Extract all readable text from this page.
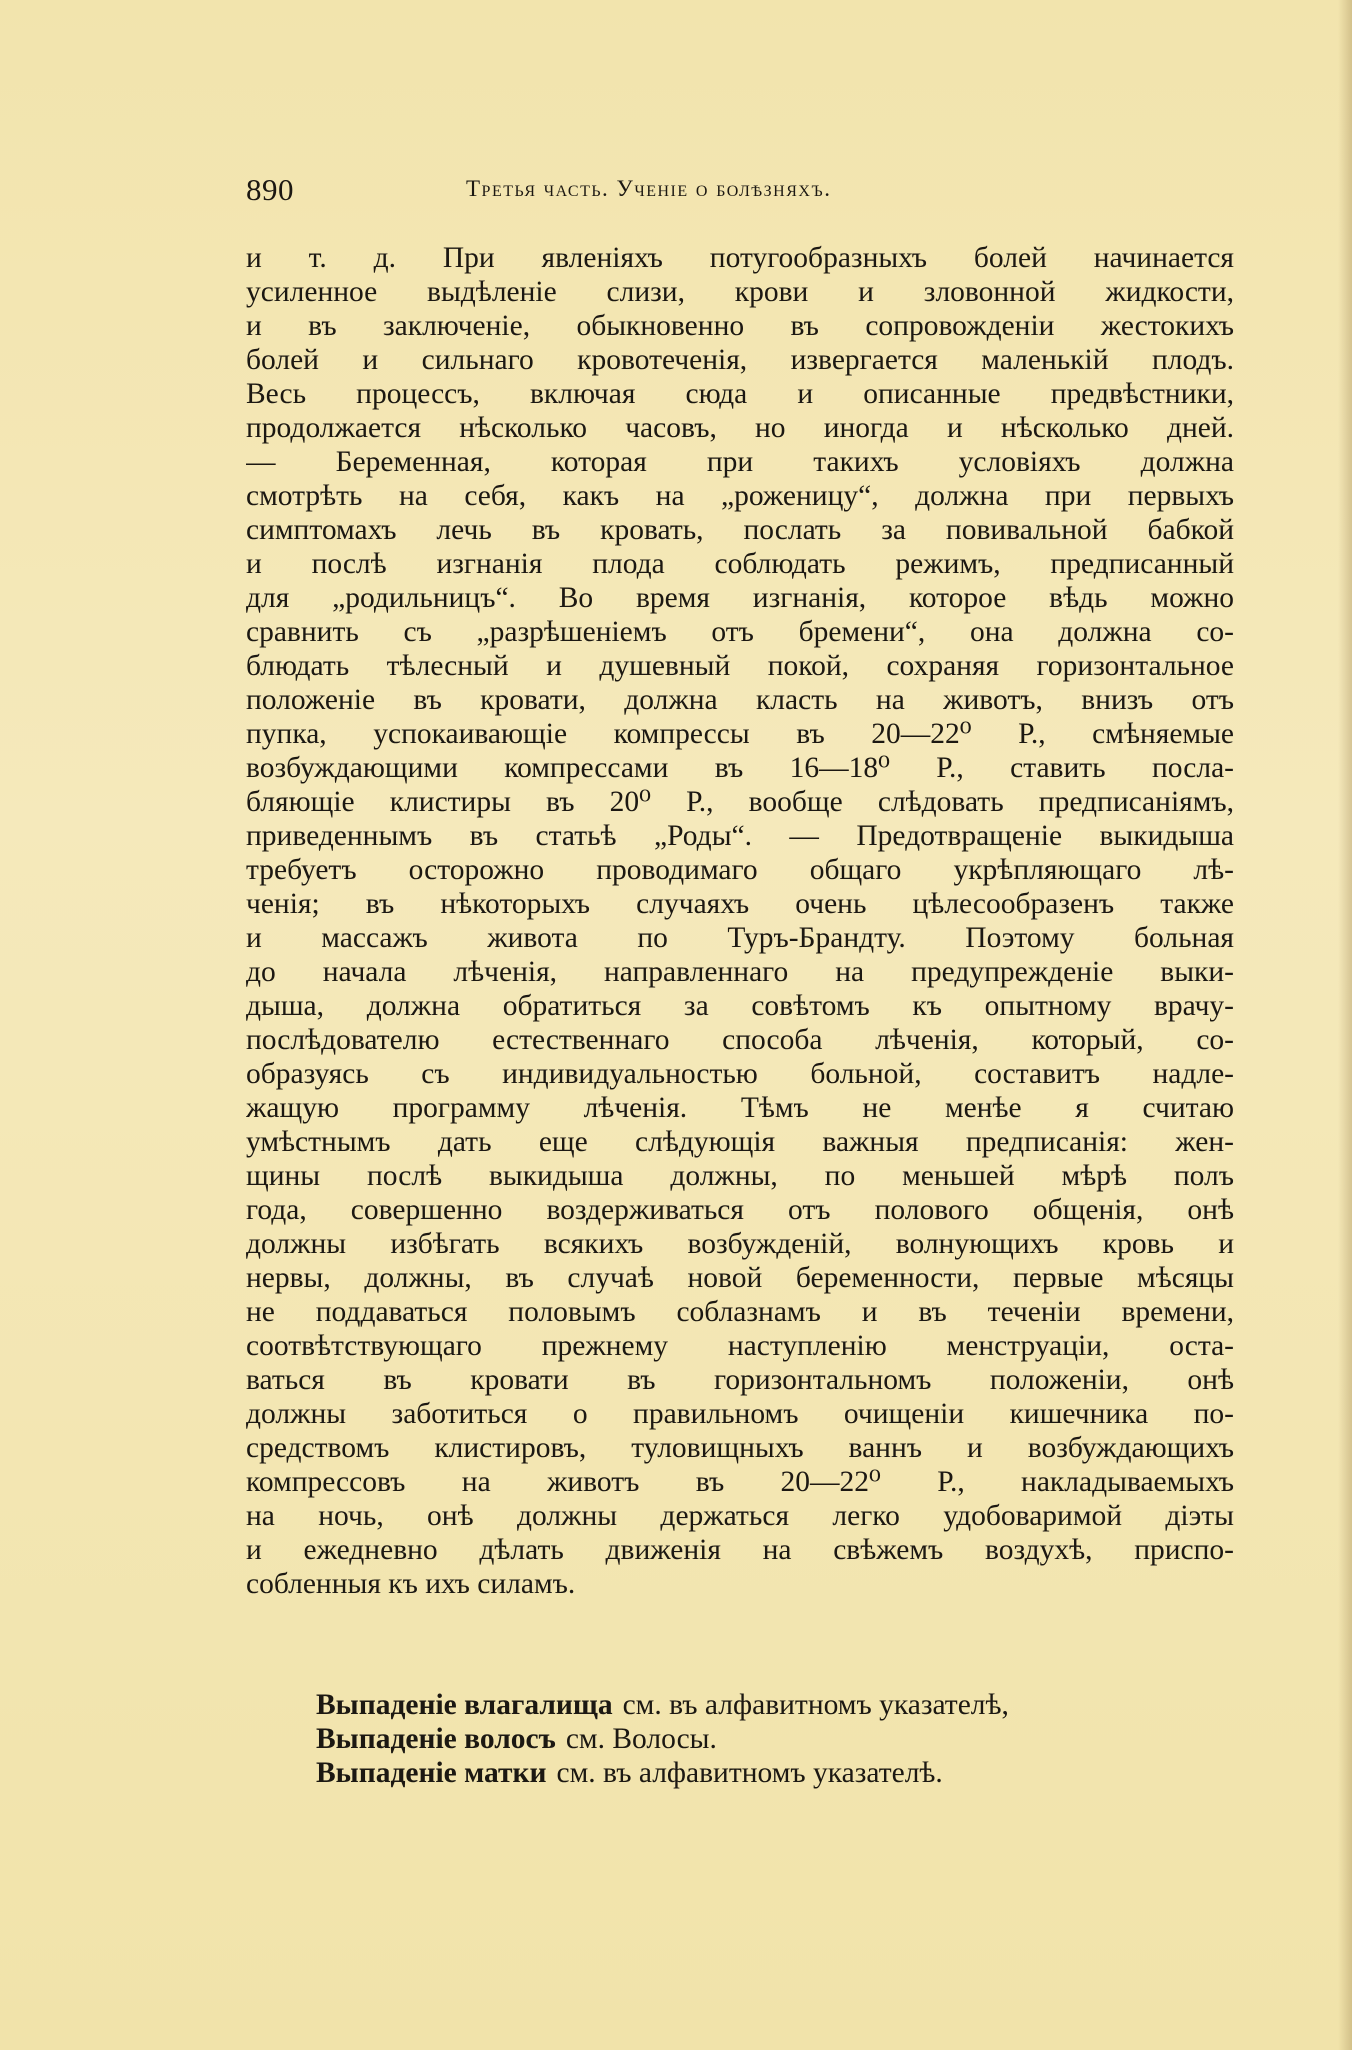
890	Третья часть. Ученіе о болѣзняхъ.
и т. д. При явленіяхъ потугообразныхъ болей начинается
усиленное выдѣленіе слизи, крови и зловонной жидкости,
и въ заключеніе, обыкновенно въ сопровожденіи жестокихъ
болей и сильнаго кровотеченія, извергается маленькій плодъ.
Весь процессъ, включая сюда и описанные предвѣстники,
продолжается нѣсколько часовъ, но иногда и нѣсколько дней.
— Беременная, которая при такихъ условіяхъ должна
смотрѣть на себя, какъ на „роженицу“, должна при первыхъ
симптомахъ лечь въ кровать, послать за повивальной бабкой
и послѣ изгнанія плода соблюдать режимъ, предписанный
для „родильницъ“. Во время изгнанія, которое вѣдь можно
сравнить съ „разрѣшеніемъ отъ бремени“, она должна со-
блюдать тѣлесный и душевный покой, сохраняя горизонтальное
положеніе въ кровати, должна класть на животъ, внизъ отъ
пупка, успокаивающіе компрессы въ 20—22⁰ Р., смѣняемые
возбуждающими компрессами въ 16—18⁰ Р., ставить посла-
бляющіе клистиры въ 20⁰ Р., вообще слѣдовать предписаніямъ,
приведеннымъ въ статьѣ „Роды“. — Предотвращеніе выкидыша
требуетъ осторожно проводимаго общаго укрѣпляющаго лѣ-
ченія; въ нѣкоторыхъ случаяхъ очень цѣлесообразенъ также
и массажъ живота по Туръ-Брандту. Поэтому больная
до начала лѣченія, направленнаго на предупрежденіе выки-
дыша, должна обратиться за совѣтомъ къ опытному врачу-
послѣдователю естественнаго способа лѣченія, который, со-
образуясь съ индивидуальностью больной, составитъ надле-
жащую программу лѣченія. Тѣмъ не менѣе я считаю
умѣстнымъ дать еще слѣдующія важныя предписанія: жен-
щины послѣ выкидыша должны, по меньшей мѣрѣ полъ
года, совершенно воздерживаться отъ полового общенія, онѣ
должны избѣгать всякихъ возбужденій, волнующихъ кровь и
нервы, должны, въ случаѣ новой беременности, первые мѣсяцы
не поддаваться половымъ соблазнамъ и въ теченіи времени,
соотвѣтствующаго прежнему наступленію менструаціи, оста-
ваться въ кровати въ горизонтальномъ положеніи, онѣ
должны заботиться о правильномъ очищеніи кишечника по-
средствомъ клистировъ, туловищныхъ ваннъ и возбуждающихъ
компрессовъ на животъ въ 20—22⁰ Р., накладываемыхъ
на ночь, онѣ должны держаться легко удобоваримой діэты
и ежедневно дѣлать движенія на свѣжемъ воздухѣ, приспо-
собленныя къ ихъ силамъ.
Выпаденіе влагалища см. въ алфавитномъ указателѣ,
Выпаденіе волосъ см. Волосы.
Выпаденіе матки см. въ алфавитномъ указателѣ.
